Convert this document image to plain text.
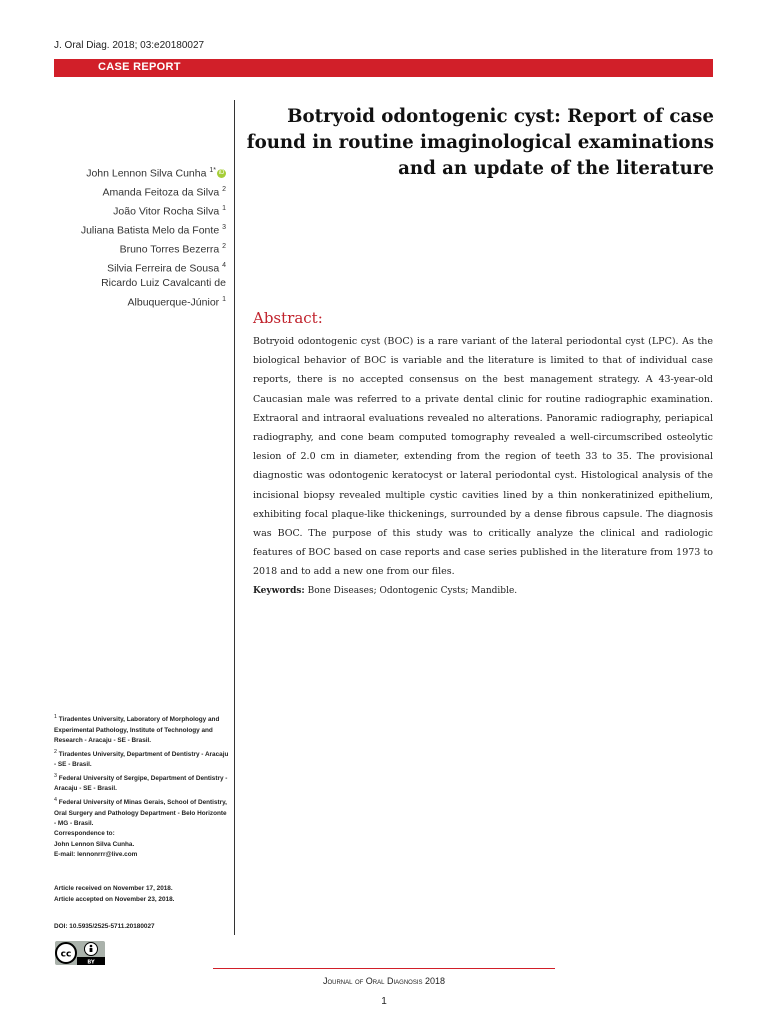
J. Oral Diag. 2018; 03:e20180027
CASE REPORT
Botryoid odontogenic cyst: Report of case found in routine imaginological examinations and an update of the literature
John Lennon Silva Cunha $^{1*}$ iD
Amanda Feitoza da Silva $^2$
João Vitor Rocha Silva $^1$
Juliana Batista Melo da Fonte $^3$
Bruno Torres Bezerra $^2$
Silvia Ferreira de Sousa $^4$
Ricardo Luiz Cavalcanti de
Albuquerque-Júnior $^1$
Abstract:
Botryoid odontogenic cyst (BOC) is a rare variant of the lateral periodontal cyst (LPC). As the biological behavior of BOC is variable and the literature is limited to that of individual case reports, there is no accepted consensus on the best management strategy. A 43-year-old Caucasian male was referred to a private dental clinic for routine radiographic examination. Extraoral and intraoral evaluations revealed no alterations. Panoramic radiography, periapical radiography, and cone beam computed tomography revealed a well-circumscribed osteolytic lesion of 2.0 cm in diameter, extending from the region of teeth 33 to 35. The provisional diagnostic was odontogenic keratocyst or lateral periodontal cyst. Histological analysis of the incisional biopsy revealed multiple cystic cavities lined by a thin nonkeratinized epithelium, exhibiting focal plaque-like thickenings, surrounded by a dense fibrous capsule. The diagnosis was BOC. The purpose of this study was to critically analyze the clinical and radiologic features of BOC based on case reports and case series published in the literature from 1973 to 2018 and to add a new one from our files.
Keywords: Bone Diseases; Odontogenic Cysts; Mandible.
$^1$ Tiradentes University, Laboratory of Morphology and Experimental Pathology, Institute of Technology and Research - Aracaju - SE - Brasil.
$^2$ Tiradentes University, Department of Dentistry - Aracaju - SE - Brasil.
$^3$ Federal University of Sergipe, Department of Dentistry - Aracaju - SE - Brasil.
$^4$ Federal University of Minas Gerais, School of Dentistry, Oral Surgery and Pathology Department - Belo Horizonte - MG - Brasil.
Correspondence to:
John Lennon Silva Cunha.
E-mail: lennonrrr@live.com
Article received on November 17, 2018.
Article accepted on November 23, 2018.
DOI: 10.5935/2525-5711.20180027
cc
BY
Journal of Oral Diagnosis 2018
1
